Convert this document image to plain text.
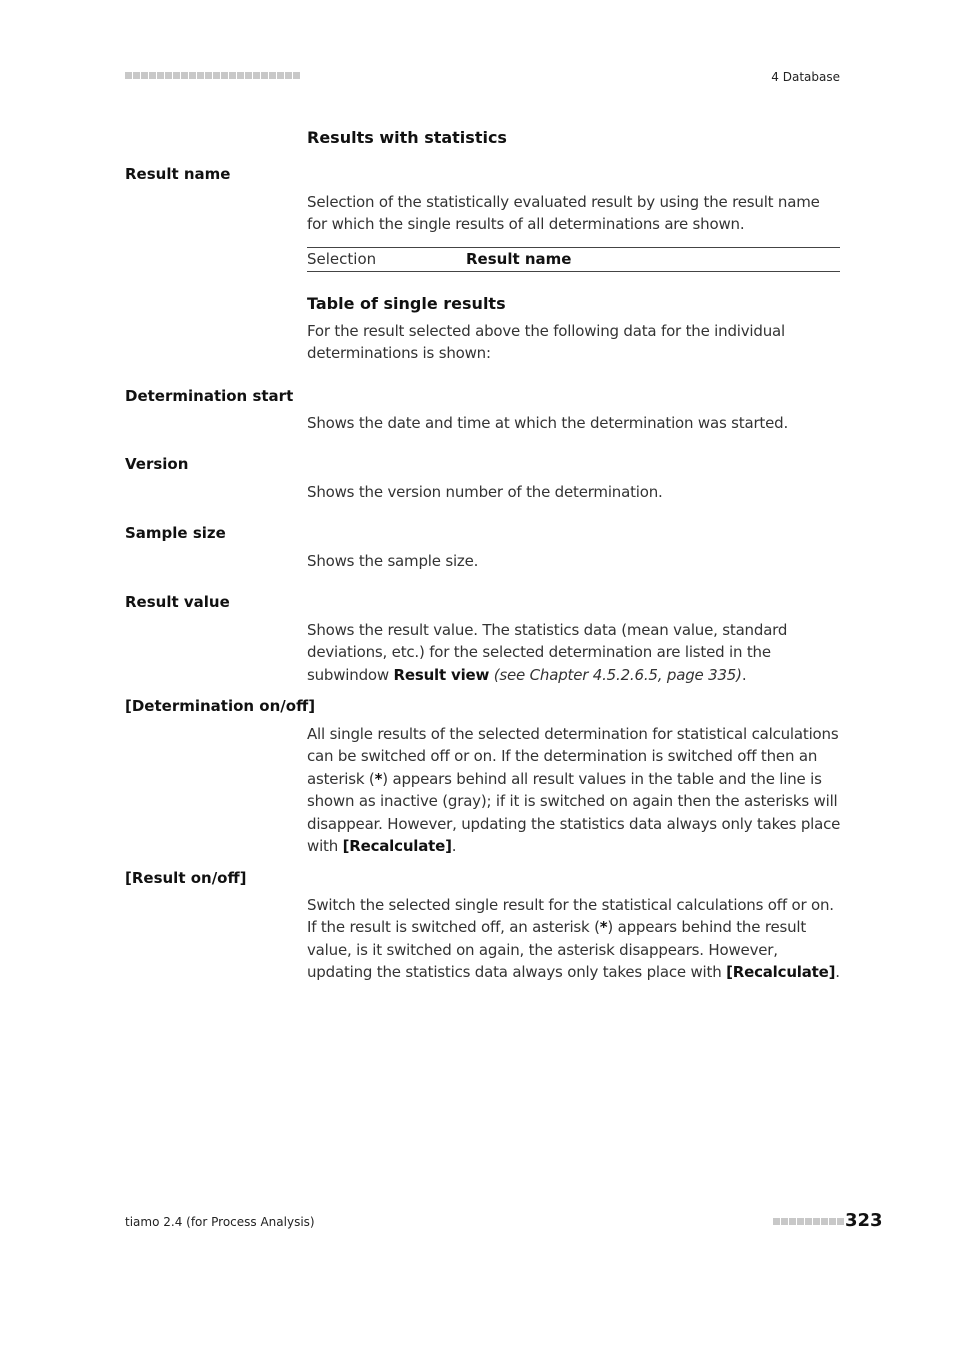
4 Database
Results with statistics
Result name
Selection of the statistically evaluated result by using the result name for which the single results of all determinations are shown.
Selection	Result name
Table of single results
For the result selected above the following data for the individual determinations is shown:
Determination start
Shows the date and time at which the determination was started.
Version
Shows the version number of the determination.
Sample size
Shows the sample size.
Result value
Shows the result value. The statistics data (mean value, standard deviations, etc.) for the selected determination are listed in the subwindow Result view (see Chapter 4.5.2.6.5, page 335).
[Determination on/off]
All single results of the selected determination for statistical calculations can be switched off or on. If the determination is switched off then an asterisk (*) appears behind all result values in the table and the line is shown as inactive (gray); if it is switched on again then the asterisks will disappear. However, updating the statistics data always only takes place with [Recalculate].
[Result on/off]
Switch the selected single result for the statistical calculations off or on. If the result is switched off, an asterisk (*) appears behind the result value, is it switched on again, the asterisk disappears. However, updating the statistics data always only takes place with [Recalculate].
tiamo 2.4 (for Process Analysis)	323
